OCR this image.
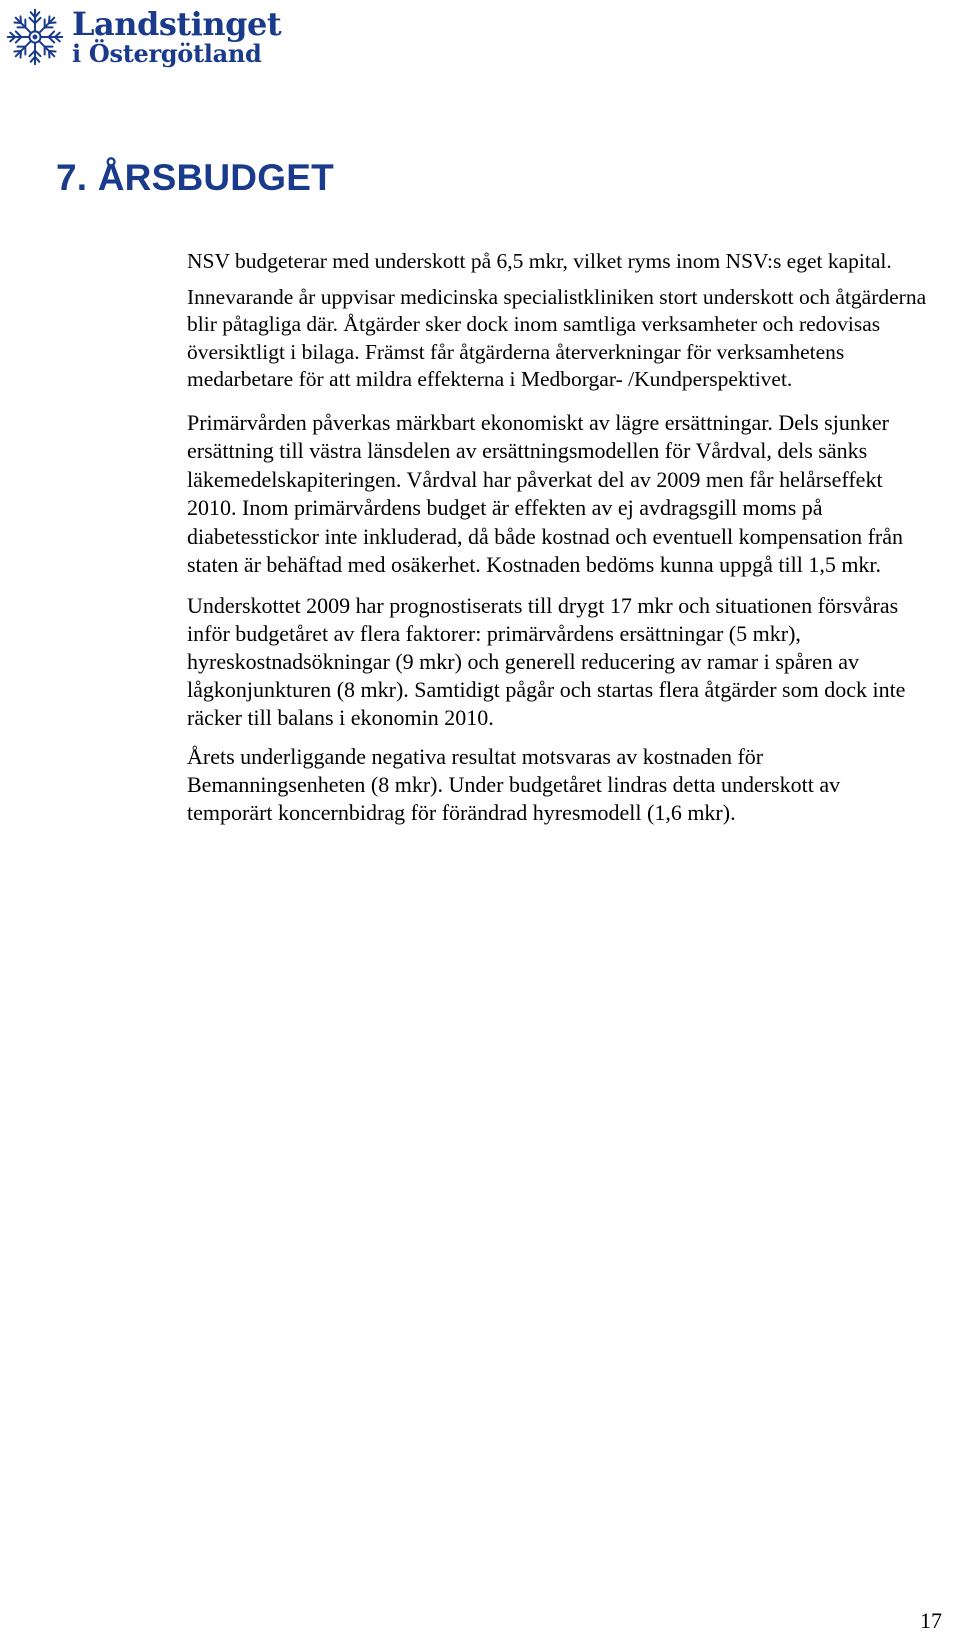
Landstinget
i Östergötland
7. ÅRSBUDGET

NSV budgeterar med underskott på 6,5 mkr, vilket ryms inom NSV:s eget kapital.

Innevarande år uppvisar medicinska specialistkliniken stort underskott och åtgärderna blir påtagliga där. Åtgärder sker dock inom samtliga verksamheter och redovisas översiktligt i bilaga. Främst får åtgärderna återverkningar för verksamhetens medarbetare för att mildra effekterna i Medborgar- /Kundperspektivet.

Primärvården påverkas märkbart ekonomiskt av lägre ersättningar. Dels sjunker ersättning till västra länsdelen av ersättningsmodellen för Vårdval, dels sänks läkemedelskapiteringen. Vårdval har påverkat del av 2009 men får helårseffekt 2010. Inom primärvårdens budget är effekten av ej avdragsgill moms på diabetesstickor inte inkluderad, då både kostnad och eventuell kompensation från staten är behäftad med osäkerhet. Kostnaden bedöms kunna uppgå till 1,5 mkr.

Underskottet 2009 har prognostiserats till drygt 17 mkr och situationen försvåras inför budgetåret av flera faktorer: primärvårdens ersättningar (5 mkr), hyreskostnadsökningar (9 mkr) och generell reducering av ramar i spåren av lågkonjunkturen (8 mkr). Samtidigt pågår och startas flera åtgärder som dock inte räcker till balans i ekonomin 2010.

Årets underliggande negativa resultat motsvaras av kostnaden för Bemanningsenheten (8 mkr). Under budgetåret lindras detta underskott av temporärt koncernbidrag för förändrad hyresmodell (1,6 mkr).

17
